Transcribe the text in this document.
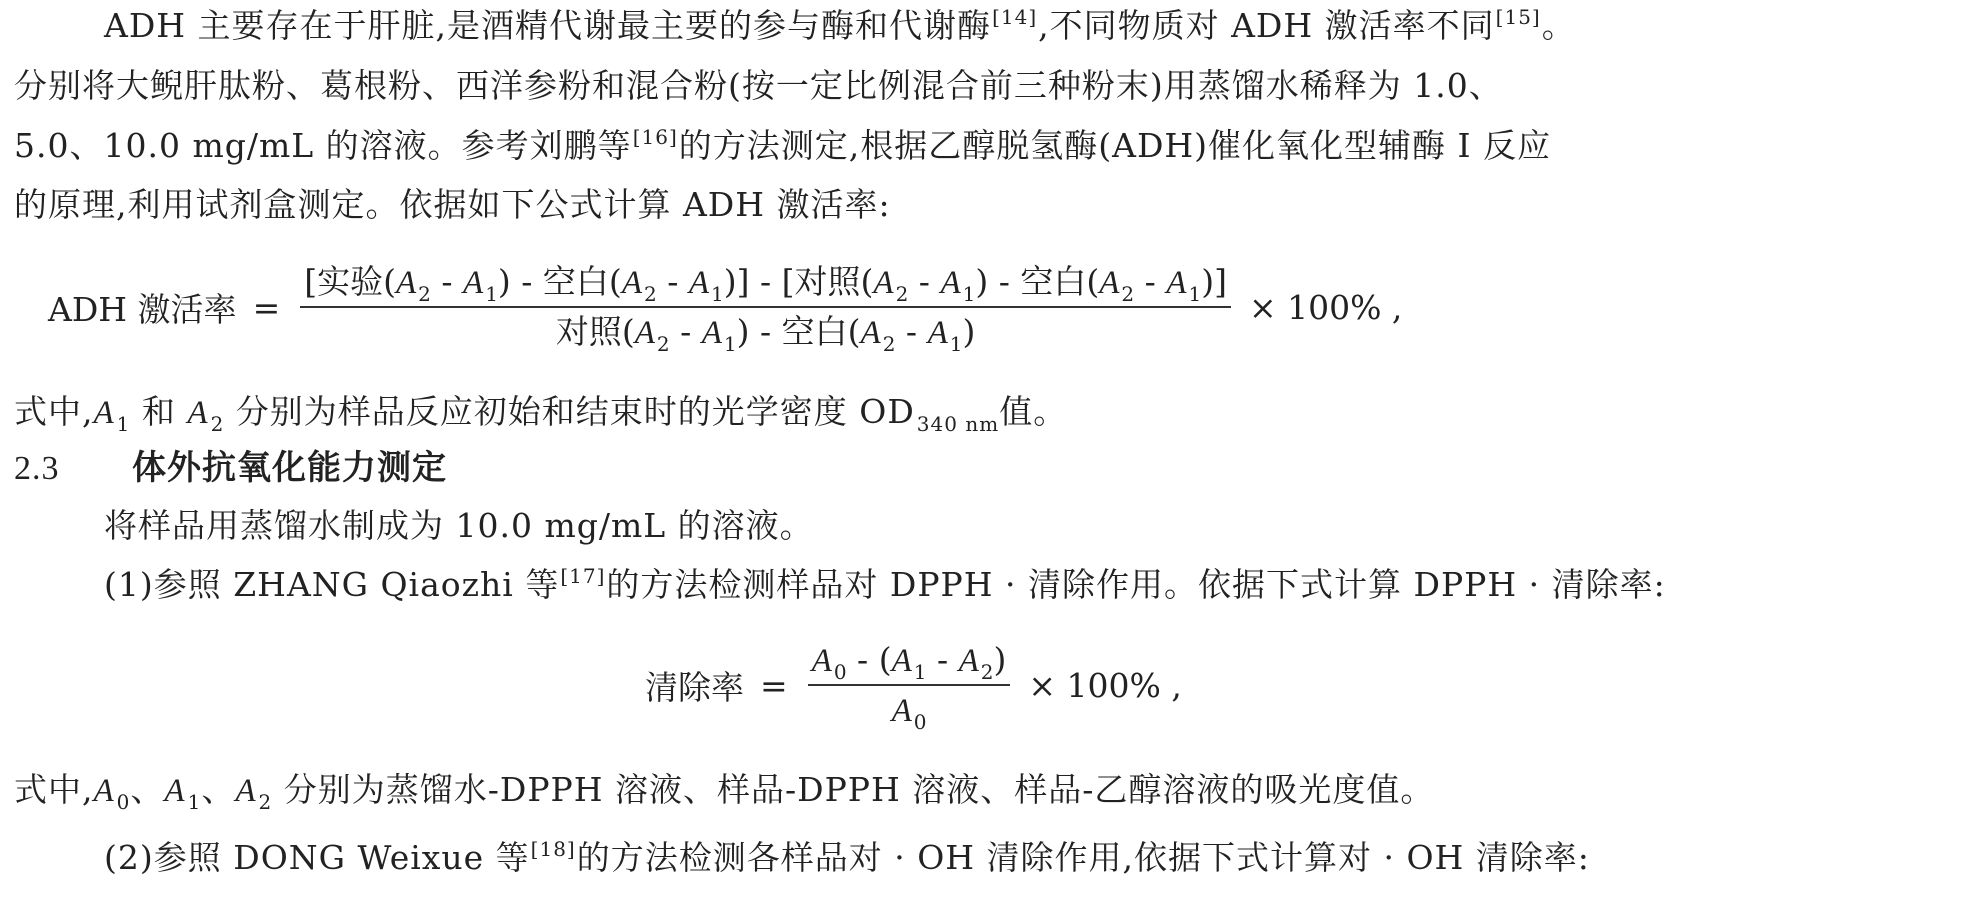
ADH 主要存在于肝脏,是酒精代谢最主要的参与酶和代谢酶[14],不同物质对 ADH 激活率不同[15]。
分别将大鲵肝肽粉、葛根粉、西洋参粉和混合粉(按一定比例混合前三种粉末)用蒸馏水稀释为 1.0、
5.0、10.0 mg/mL 的溶液。参考刘鹏等[16]的方法测定,根据乙醇脱氢酶(ADH)催化氧化型辅酶 I 反应
的原理,利用试剂盒测定。依据如下公式计算 ADH 激活率:
ADH 激活率 = $\frac{[实验(A _2 - A _1) - 空白(A _2 - A _1)] - [对照(A _2 - A _1) - 空白(A _2 - A _1)]}{对照(A _2 - A _1) - 空白(A _2 - A _1)} \times 100\%$ ,
式中,A $_1$ 和 A $_2$ 分别为样品反应初始和结束时的光学密度 OD $_{340 nm}$值。
2.3 体外抗氧化能力测定
将样品用蒸馏水制成为 10.0 mg/mL 的溶液。
(1)参照 ZHANG Qiaozhi 等[17]的方法检测样品对 DPPH · 清除作用。依据下式计算 DPPH · 清除率:
清除率 = $\frac{A _0 - (A _1 - A _2)}{A _0} \times 100\%$ ,
式中,A $_0$、A $_1$、A $_2$ 分别为蒸馏水-DPPH 溶液、样品-DPPH 溶液、样品-乙醇溶液的吸光度值。
(2)参照 DONG Weixue 等[18]的方法检测各样品对 · OH 清除作用,依据下式计算对 · OH 清除率:
